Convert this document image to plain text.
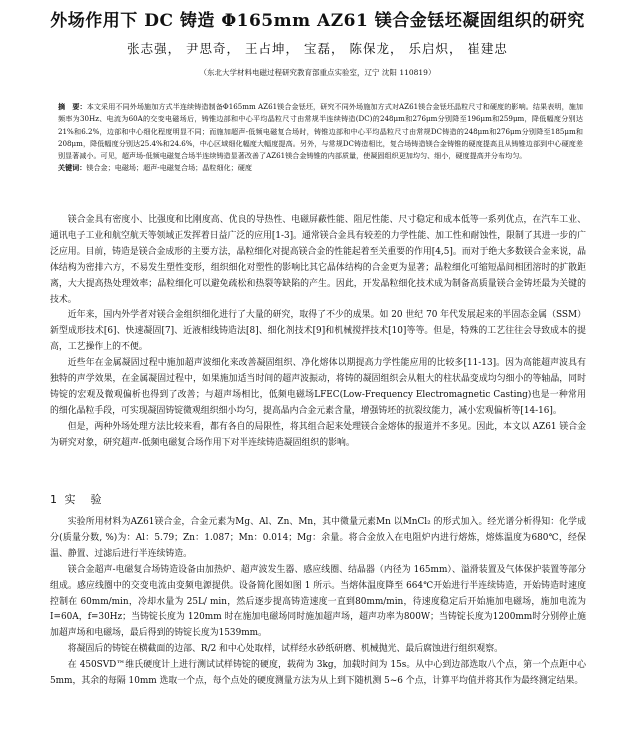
外场作用下 DC 铸造 Φ165mm AZ61 镁合金铥坯凝固组织的研究
张志强， 尹思奇， 王占坤， 宝磊， 陈保龙， 乐启炽， 崔建忠
（东北大学材料电磁过程研究教育部重点实验室，辽宁 沈阳 110819）
摘　要：本文采用不同外场施加方式半连续铸造制备Φ165mm AZ61镁合金铥坯，研究不同外场施加方式对AZ61镁合金铥坯晶粒尺寸和硬度的影响。结果表明，施加频率为30Hz、电流为60A的交变电磁场后，铸锥边部和中心平均晶粒尺寸由常规半连续铸造(DC)的248μm和276μm分别降至196μm和259μm，降低幅度分别达21%和6.2%，边部和中心细化程度明显不同；而施加超声-低频电磁复合场时，铸锥边部和中心平均晶粒尺寸由常规DC铸造的248μm和276μm分别降至185μm和208μm，降低幅度分别达25.4%和24.6%，中心区域细化幅度大幅度提高。另外，与常规DC铸造相比，复合场铸造镁合金铸锥的硬度提高且从铸锥边部到中心硬度差别显著减小。可见，超声场-低频电磁复合场半连续铸造显著改善了AZ61镁合金铸锥的内部质量，使凝固组织更加均匀、细小，硬度提高并分布均匀。
关键词：镁合金；电磁场；超声-电磁复合场；晶粒细化；硬度

镁合金具有密度小、比强度和比刚度高、优良的导热性、电磁屏蔽性能、阻尼性能、尺寸稳定和成本低等一系列优点，在汽车工业、通讯电子工业和航空航天等领域正发挥着日益广泛的应用[1-3]。通常镁合金具有较差的力学性能、加工性和耐蚀性，限制了其进一步的广泛应用。目前，铸造是镁合金成形的主要方法，晶粒细化对提高镁合金的性能起着至关重要的作用[4,5]。而对于绝大多数镁合金来说，晶体结构为密排六方，不易发生塑性变形，组织细化对塑性的影响比其它晶体结构的合金更为显著；晶粒细化可缩短晶间相团溶时的扩散距离，大大提高热处理效率；晶粒细化可以避免疏松和热裂等缺陷的产生。因此，开发晶粒细化技术成为制备高质量镁合金铸坯最为关键的技术。

近年来，国内外学者对镁合金组织细化进行了大量的研究，取得了不少的成果。如 20 世纪 70 年代发展起来的半固态金属（SSM）新型成形技术[6]、快速凝固[7]、近液相线铸造法[8]、细化剂技术[9]和机械搅拌技术[10]等等。但是，特殊的工艺往往会导致成本的提高，工艺操作上的不便。

近些年在金属凝固过程中施加超声波细化来改善凝固组织、净化熔体以期提高力学性能应用的比较多[11-13]。因为高能超声波具有独特的声学效果，在金属凝固过程中，如果施加适当时间的超声波振动，将铸的凝固组织会从粗大的柱状晶变成均匀细小的等轴晶，同时铸锭的宏观及微观偏析也得到了改善；与超声场相比，低频电磁场LFEC(Low-Frequency Electromagnetic Casting)也是一种常用的细化晶粒手段，可实现凝固铸锭微观组织细小均匀，提高晶内合金元素含量，增强铸坯的抗裂纹能力，减小宏观偏析等[14-16]。

但是，两种外场处理方法比较来看，都有各自的局限性，将其组合起来处理镁合金熔体的报道并不多见。因此，本文以 AZ61 镁合金为研究对象，研究超声-低频电磁复合场作用下对半连续铸造凝固组织的影响。

1 实　验

实验所用材料为AZ61镁合金，合金元素为Mg、Al、Zn、Mn，其中微量元素Mn 以MnCl₂ 的形式加入。经光谱分析得知：化学成分(质量分数, %)为：Al：5.79；Zn：1.087；Mn：0.014；Mg：余量。将合金放入在电阻炉内进行熔炼，熔炼温度为680℃，经保温、静置、过滤后进行半连续铸造。

镁合金超声-电磁复合场铸造设备由加热炉、超声波发生器、感应线圈、结晶器（内径为 165mm）、溢滑装置及气体保护装置等部分组成。感应线圈中的交变电流由变频电源提供。设备简化图如图 1 所示。当熔体温度降至 664℃开始进行半连续铸造，开始铸造时速度控制在 60mm/min，冷却水量为 25L/ min，然后逐步提高铸造速度一直到80mm/min，待速度稳定后开始施加电磁场，施加电流为 I=60A，f=30Hz；当铸锭长度为 120mm 时在施加电磁场同时施加超声场，超声功率为800W；当铸锭长度为1200mm时分别停止施加超声场和电磁场，最后得到的铸锭长度为1539mm。

将凝固后的铸锭在横截面的边部、R/2 和中心处取样，试样经水砂纸研磨、机械抛光、最后腐蚀进行组织观察。

在 450SVD™维氏硬度计上进行测试试样铸锭的硬度，载荷为 3kg，加载时间为 15s。从中心到边部选取八个点，第一个点距中心 5mm，其余的每隔 10mm 选取一个点，每个点处的硬度测量方法为从上到下随机测 5~6 个点，计算平均值并将其作为最终测定结果。
